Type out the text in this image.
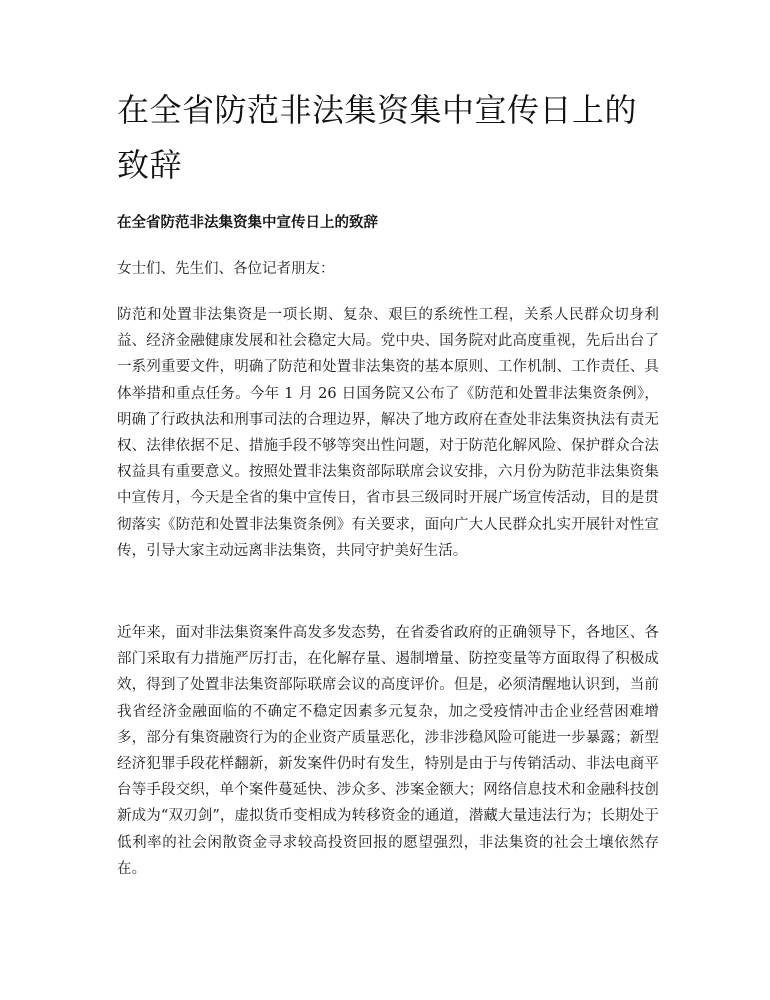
在全省防范非法集资集中宣传日上的致辞

在全省防范非法集资集中宣传日上的致辞

女士们、先生们、各位记者朋友：

防范和处置非法集资是一项长期、复杂、艰巨的系统性工程，关系人民群众切身利益、经济金融健康发展和社会稳定大局。党中央、国务院对此高度重视，先后出台了一系列重要文件，明确了防范和处置非法集资的基本原则、工作机制、工作责任、具体举措和重点任务。今年 1 月 26 日国务院又公布了《防范和处置非法集资条例》，明确了行政执法和刑事司法的合理边界，解决了地方政府在查处非法集资执法有责无权、法律依据不足、措施手段不够等突出性问题，对于防范化解风险、保护群众合法权益具有重要意义。按照处置非法集资部际联席会议安排，六月份为防范非法集资集中宣传月，今天是全省的集中宣传日，省市县三级同时开展广场宣传活动，目的是贯彻落实《防范和处置非法集资条例》有关要求，面向广大人民群众扎实开展针对性宣传，引导大家主动远离非法集资，共同守护美好生活。

近年来，面对非法集资案件高发多发态势，在省委省政府的正确领导下，各地区、各部门采取有力措施严厉打击，在化解存量、遏制增量、防控变量等方面取得了积极成效，得到了处置非法集资部际联席会议的高度评价。但是，必须清醒地认识到，当前我省经济金融面临的不确定不稳定因素多元复杂，加之受疫情冲击企业经营困难增多，部分有集资融资行为的企业资产质量恶化，涉非涉稳风险可能进一步暴露；新型经济犯罪手段花样翻新，新发案件仍时有发生，特别是由于与传销活动、非法电商平台等手段交织，单个案件蔓延快、涉众多、涉案金额大；网络信息技术和金融科技创新成为“双刃剑”，虚拟货币变相成为转移资金的通道，潜藏大量违法行为；长期处于低利率的社会闲散资金寻求较高投资回报的愿望强烈，非法集资的社会土壤依然存在。
